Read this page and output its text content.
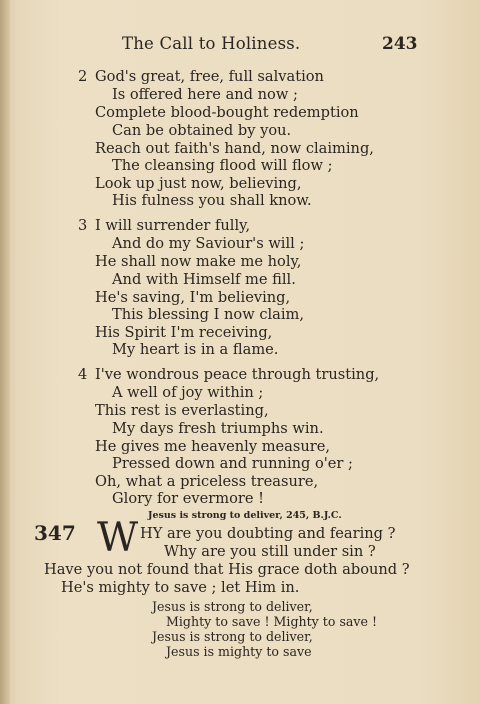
The Call to Holiness.	243
2 God's great, free, full salvation
Is offered here and now ;
Complete blood-bought redemption
Can be obtained by you.
Reach out faith's hand, now claiming,
The cleansing flood will flow ;
Look up just now, believing,
His fulness you shall know.
3 I will surrender fully,
And do my Saviour's will ;
He shall now make me holy,
And with Himself me fill.
He's saving, I'm believing,
This blessing I now claim,
His Spirit I'm receiving,
My heart is in a flame.
4 I've wondrous peace through trusting,
A well of joy within ;
This rest is everlasting,
My days fresh triumphs win.
He gives me heavenly measure,
Pressed down and running o'er ;
Oh, what a priceless treasure,
Glory for evermore !
Jesus is strong to deliver, 245, B.J.C.
347 W HY are you doubting and fearing ?
Why are you still under sin ?
Have you not found that His grace doth abound ?
He's mighty to save ; let Him in.
Jesus is strong to deliver,
Mighty to save ! Mighty to save !
Jesus is strong to deliver,
Jesus is mighty to save
